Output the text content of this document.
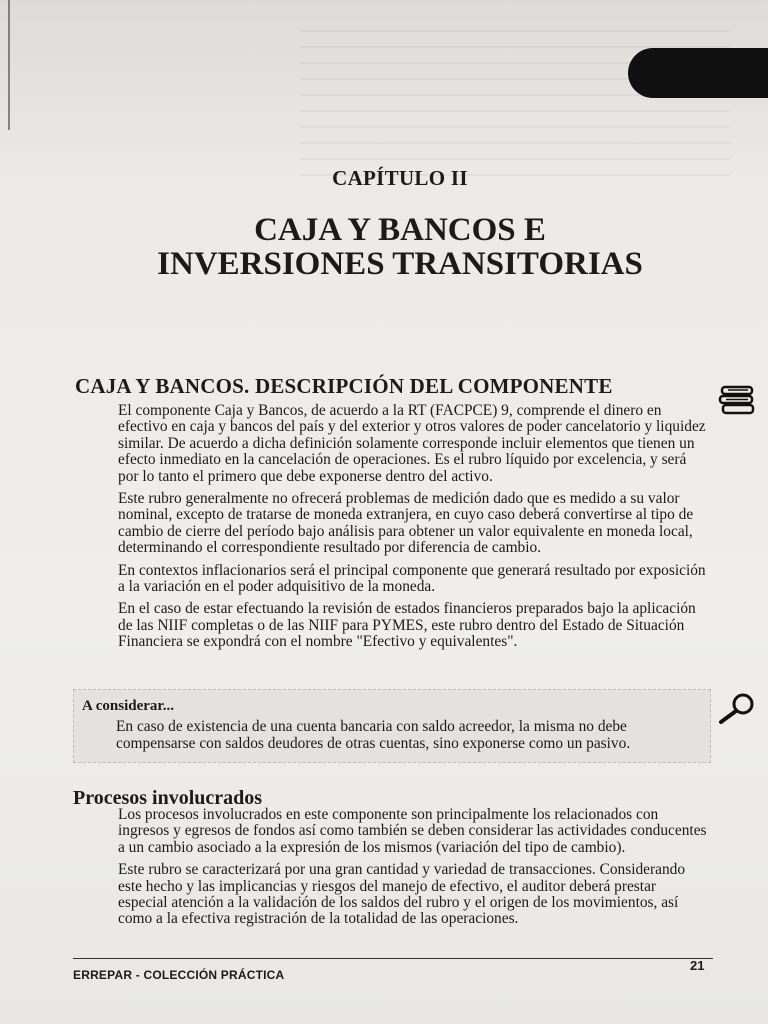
CAPÍTULO II
CAJA Y BANCOS E
INVERSIONES TRANSITORIAS
CAJA Y BANCOS. DESCRIPCIÓN DEL COMPONENTE

El componente Caja y Bancos, de acuerdo a la RT (FACPCE) 9, comprende el dinero en efectivo en caja y bancos del país y del exterior y otros valores de poder cancelatorio y liquidez similar. De acuerdo a dicha definición solamente corresponde incluir elementos que tienen un efecto inmediato en la cancelación de operaciones. Es el rubro líquido por excelencia, y será por lo tanto el primero que debe exponerse dentro del activo.

Este rubro generalmente no ofrecerá problemas de medición dado que es medido a su valor nominal, excepto de tratarse de moneda extranjera, en cuyo caso deberá convertirse al tipo de cambio de cierre del período bajo análisis para obtener un valor equivalente en moneda local, determinando el correspondiente resultado por diferencia de cambio.

En contextos inflacionarios será el principal componente que generará resultado por exposición a la variación en el poder adquisitivo de la moneda.

En el caso de estar efectuando la revisión de estados financieros preparados bajo la aplicación de las NIIF completas o de las NIIF para PYMES, este rubro dentro del Estado de Situación Financiera se expondrá con el nombre "Efectivo y equivalentes".

A considerar...
En caso de existencia de una cuenta bancaria con saldo acreedor, la misma no debe compensarse con saldos deudores de otras cuentas, sino exponerse como un pasivo.
Procesos involucrados

Los procesos involucrados en este componente son principalmente los relacionados con ingresos y egresos de fondos así como también se deben considerar las actividades conducentes a un cambio asociado a la expresión de los mismos (variación del tipo de cambio).

Este rubro se caracterizará por una gran cantidad y variedad de transacciones. Considerando este hecho y las implicancias y riesgos del manejo de efectivo, el auditor deberá prestar especial atención a la validación de los saldos del rubro y el origen de los movimientos, así como a la efectiva registración de la totalidad de las operaciones.

ERREPAR - COLECCIÓN PRÁCTICA
21
